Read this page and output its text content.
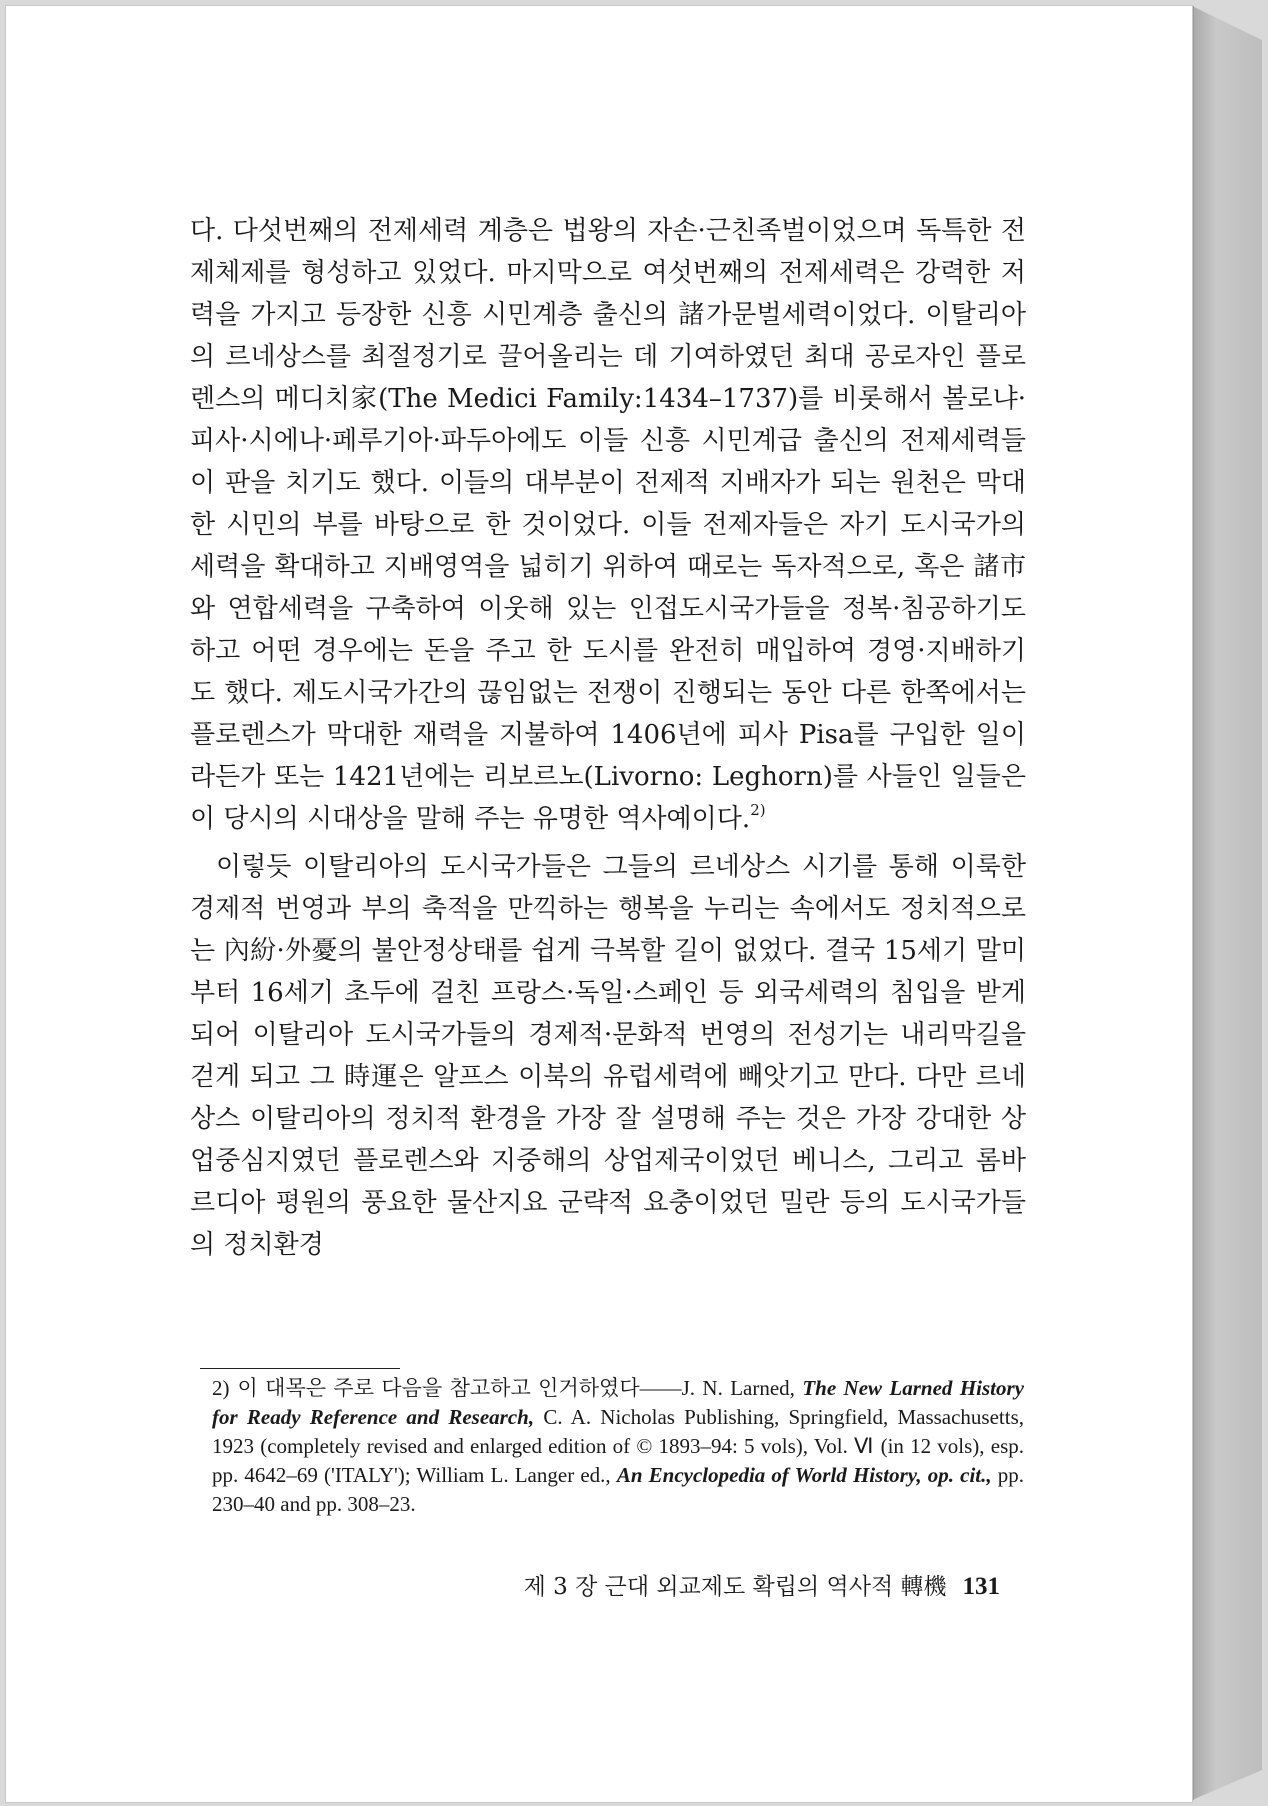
다. 다섯번째의 전제세력 계층은 법왕의 자손·근친족벌이었으며 독특한 전제체제를 형성하고 있었다. 마지막으로 여섯번째의 전제세력은 강력한 저력을 가지고 등장한 신흥 시민계층 출신의 諸가문벌세력이었다. 이탈리아의 르네상스를 최절정기로 끌어올리는 데 기여하였던 최대 공로자인 플로렌스의 메디치家(The Medici Family:1434–1737)를 비롯해서 볼로냐·피사·시에나·페루기아·파두아에도 이들 신흥 시민계급 출신의 전제세력들이 판을 치기도 했다. 이들의 대부분이 전제적 지배자가 되는 원천은 막대한 시민의 부를 바탕으로 한 것이었다. 이들 전제자들은 자기 도시국가의 세력을 확대하고 지배영역을 넓히기 위하여 때로는 독자적으로, 혹은 諸市와 연합세력을 구축하여 이웃해 있는 인접도시국가들을 정복·침공하기도 하고 어떤 경우에는 돈을 주고 한 도시를 완전히 매입하여 경영·지배하기도 했다. 제도시국가간의 끊임없는 전쟁이 진행되는 동안 다른 한쪽에서는 플로렌스가 막대한 재력을 지불하여 1406년에 피사 Pisa를 구입한 일이라든가 또는 1421년에는 리보르노(Livorno: Leghorn)를 사들인 일들은 이 당시의 시대상을 말해 주는 유명한 역사예이다.$^{2)}$

이렇듯 이탈리아의 도시국가들은 그들의 르네상스 시기를 통해 이룩한 경제적 번영과 부의 축적을 만끽하는 행복을 누리는 속에서도 정치적으로는 內紛·外憂의 불안정상태를 쉽게 극복할 길이 없었다. 결국 15세기 말미부터 16세기 초두에 걸친 프랑스·독일·스페인 등 외국세력의 침입을 받게 되어 이탈리아 도시국가들의 경제적·문화적 번영의 전성기는 내리막길을 걷게 되고 그 時運은 알프스 이북의 유럽세력에 빼앗기고 만다. 다만 르네상스 이탈리아의 정치적 환경을 가장 잘 설명해 주는 것은 가장 강대한 상업중심지였던 플로렌스와 지중해의 상업제국이었던 베니스, 그리고 롬바르디아 평원의 풍요한 물산지요 군략적 요충이었던 밀란 등의 도시국가들의 정치환경

2) 이 대목은 주로 다음을 참고하고 인거하였다——J. N. Larned, The New Larned History for Ready Reference and Research, C. A. Nicholas Publishing, Springfield, Massachusetts, 1923 (completely revised and enlarged edition of © 1893–94: 5 vols), Vol. Ⅵ (in 12 vols), esp. pp. 4642–69 ('ITALY'); William L. Langer ed., An Encyclopedia of World History, op. cit., pp. 230–40 and pp. 308–23.
제 3 장 근대 외교제도 확립의 역사적 轉機 131
